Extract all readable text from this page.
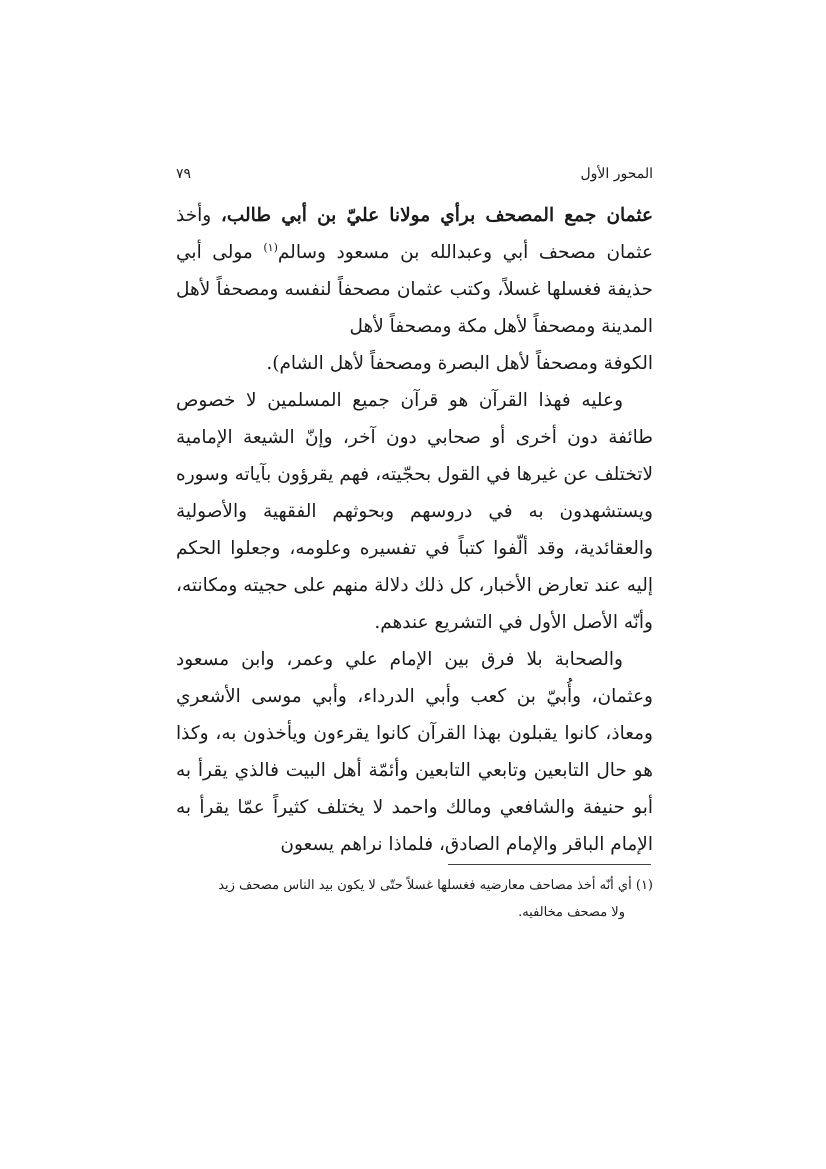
المحور الأول
٧٩

عثمان جمع المصحف برأي مولانا عليّ بن أبي طالب، وأخذ عثمان مصحف أبي وعبدالله بن مسعود وسالم$^{(١)}$ مولى أبي حذيفة فغسلها غسلاً، وكتب عثمان مصحفاً لنفسه ومصحفاً لأهل المدينة ومصحفاً لأهل مكة ومصحفاً لأهل

الكوفة ومصحفاً لأهل البصرة ومصحفاً لأهل الشام).

وعليه فهذا القرآن هو قرآن جميع المسلمين لا خصوص طائفة دون أخرى أو صحابي دون آخر، وإنّ الشيعة الإمامية لاتختلف عن غيرها في القول بحجّيته، فهم يقرؤون بآياته وسوره ويستشهدون به في دروسهم وبحوثهم الفقهية والأصولية والعقائدية، وقد ألّفوا كتباً في تفسيره وعلومه، وجعلوا الحكم إليه عند تعارض الأخبار، كل ذلك دلالة منهم على حجيته ومكانته، وأنّه الأصل الأول في التشريع عندهم.

والصحابة بلا فرق بين الإمام علي وعمر، وابن مسعود وعثمان، وأُبيّ بن كعب وأبي الدرداء، وأبي موسى الأشعري ومعاذ، كانوا يقبلون بهذا القرآن كانوا يقرءون ويأخذون به، وكذا هو حال التابعين وتابعي التابعين وأئمّة أهل البيت فالذي يقرأ به أبو حنيفة والشافعي ومالك واحمد لا يختلف كثيراً عمّا يقرأ به الإمام الباقر والإمام الصادق، فلماذا نراهم يسعون

(١) أي أنّه أخذ مصاحف معارضيه فغسلها غسلاً حتّى لا يكون بيد الناس مصحف زيد

ولا مصحف مخالفيه.
